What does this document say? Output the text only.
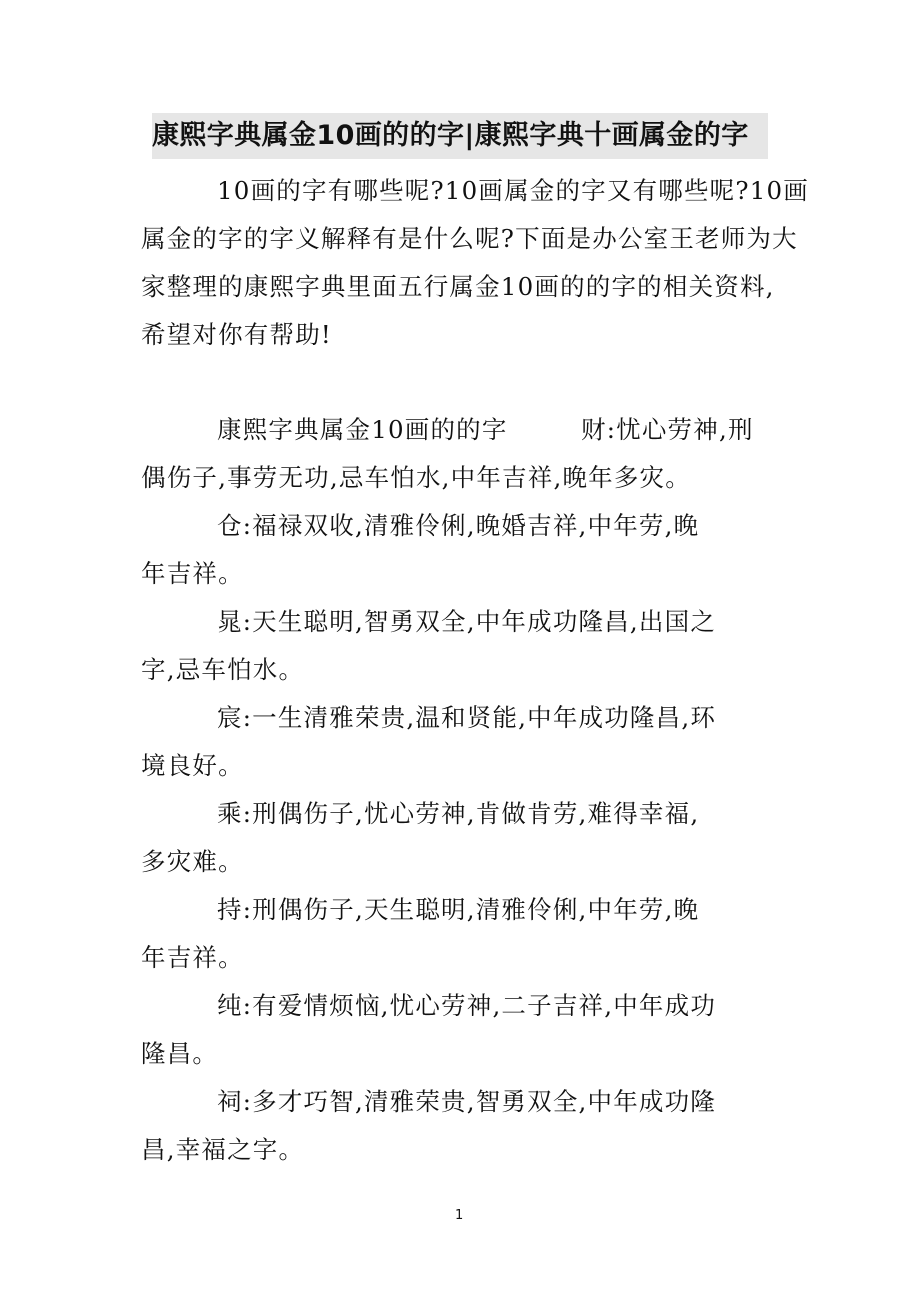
康熙字典属金10画的的字|康熙字典十画属金的字
10画的字有哪些呢?10画属金的字又有哪些呢?10画
属金的字的字义解释有是什么呢?下面是办公室王老师为大
家整理的康熙字典里面五行属金10画的的字的相关资料,
希望对你有帮助!
康熙字典属金10画的的字	财:忧心劳神,刑
偶伤子,事劳无功,忌车怕水,中年吉祥,晚年多灾。
仓:福禄双收,清雅伶俐,晚婚吉祥,中年劳,晚
年吉祥。
晁:天生聪明,智勇双全,中年成功隆昌,出国之
字,忌车怕水。
宸:一生清雅荣贵,温和贤能,中年成功隆昌,环
境良好。
乘:刑偶伤子,忧心劳神,肯做肯劳,难得幸福,
多灾难。
持:刑偶伤子,天生聪明,清雅伶俐,中年劳,晚
年吉祥。
纯:有爱情烦恼,忧心劳神,二子吉祥,中年成功
隆昌。
祠:多才巧智,清雅荣贵,智勇双全,中年成功隆
昌,幸福之字。
1
